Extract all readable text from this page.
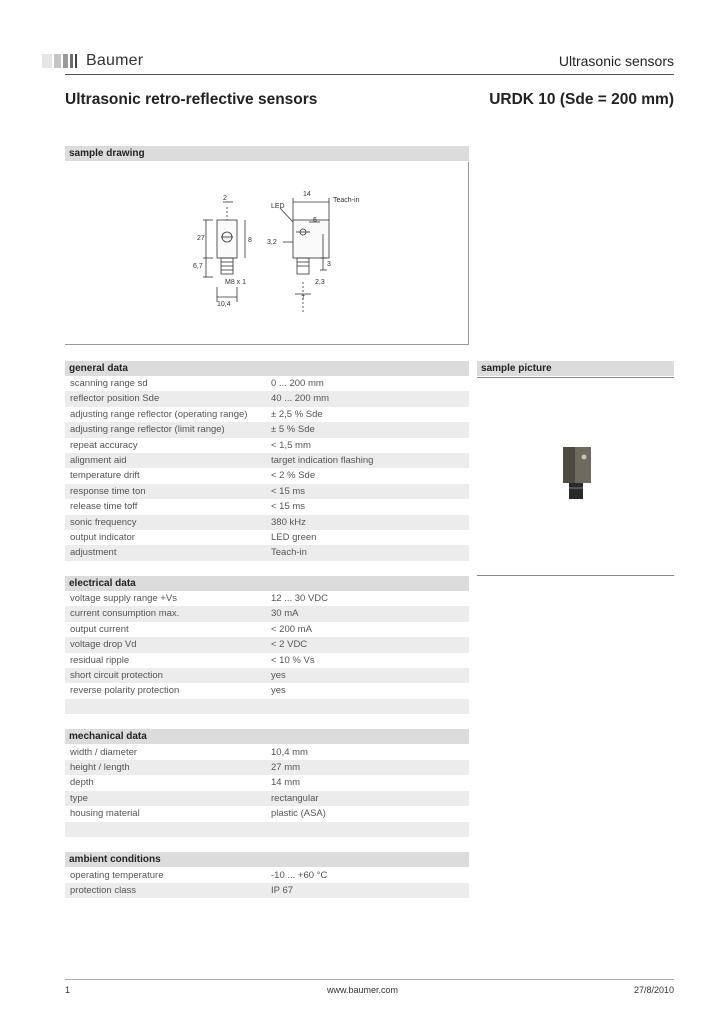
Baumer	Ultrasonic sensors
Ultrasonic retro-reflective sensors	URDK 10 (Sde = 200 mm)
sample drawing
2
14
Teach-in
LED
6
27	8 3,2
6,7	3
M8 x 1	2,3
7
10,4
sample picture
general data
scanning range sd	0 ... 200 mm
reflector position Sde	40 ... 200 mm
adjusting range reflector (operating range) ± 2,5 % Sde
adjusting range reflector (limit range)	± 5 % Sde
repeat accuracy	< 1,5 mm
alignment aid	target indication flashing
temperature drift	< 2 % Sde
response time ton	< 15 ms
release time toff	< 15 ms
sonic frequency	380 kHz
output indicator	LED green
adjustment	Teach-in
electrical data
voltage supply range +Vs	12 ... 30 VDC
current consumption max.	30 mA
output current	< 200 mA
voltage drop Vd	< 2 VDC
residual ripple	< 10 % Vs
short circuit protection	yes
reverse polarity protection	yes
mechanical data
width / diameter	10,4 mm
height / length	27 mm
depth	14 mm
type	rectangular
housing material	plastic (ASA)
ambient conditions
operating temperature	-10 ... +60 °C
protection class	IP 67
1	www.baumer.com	27/8/2010
